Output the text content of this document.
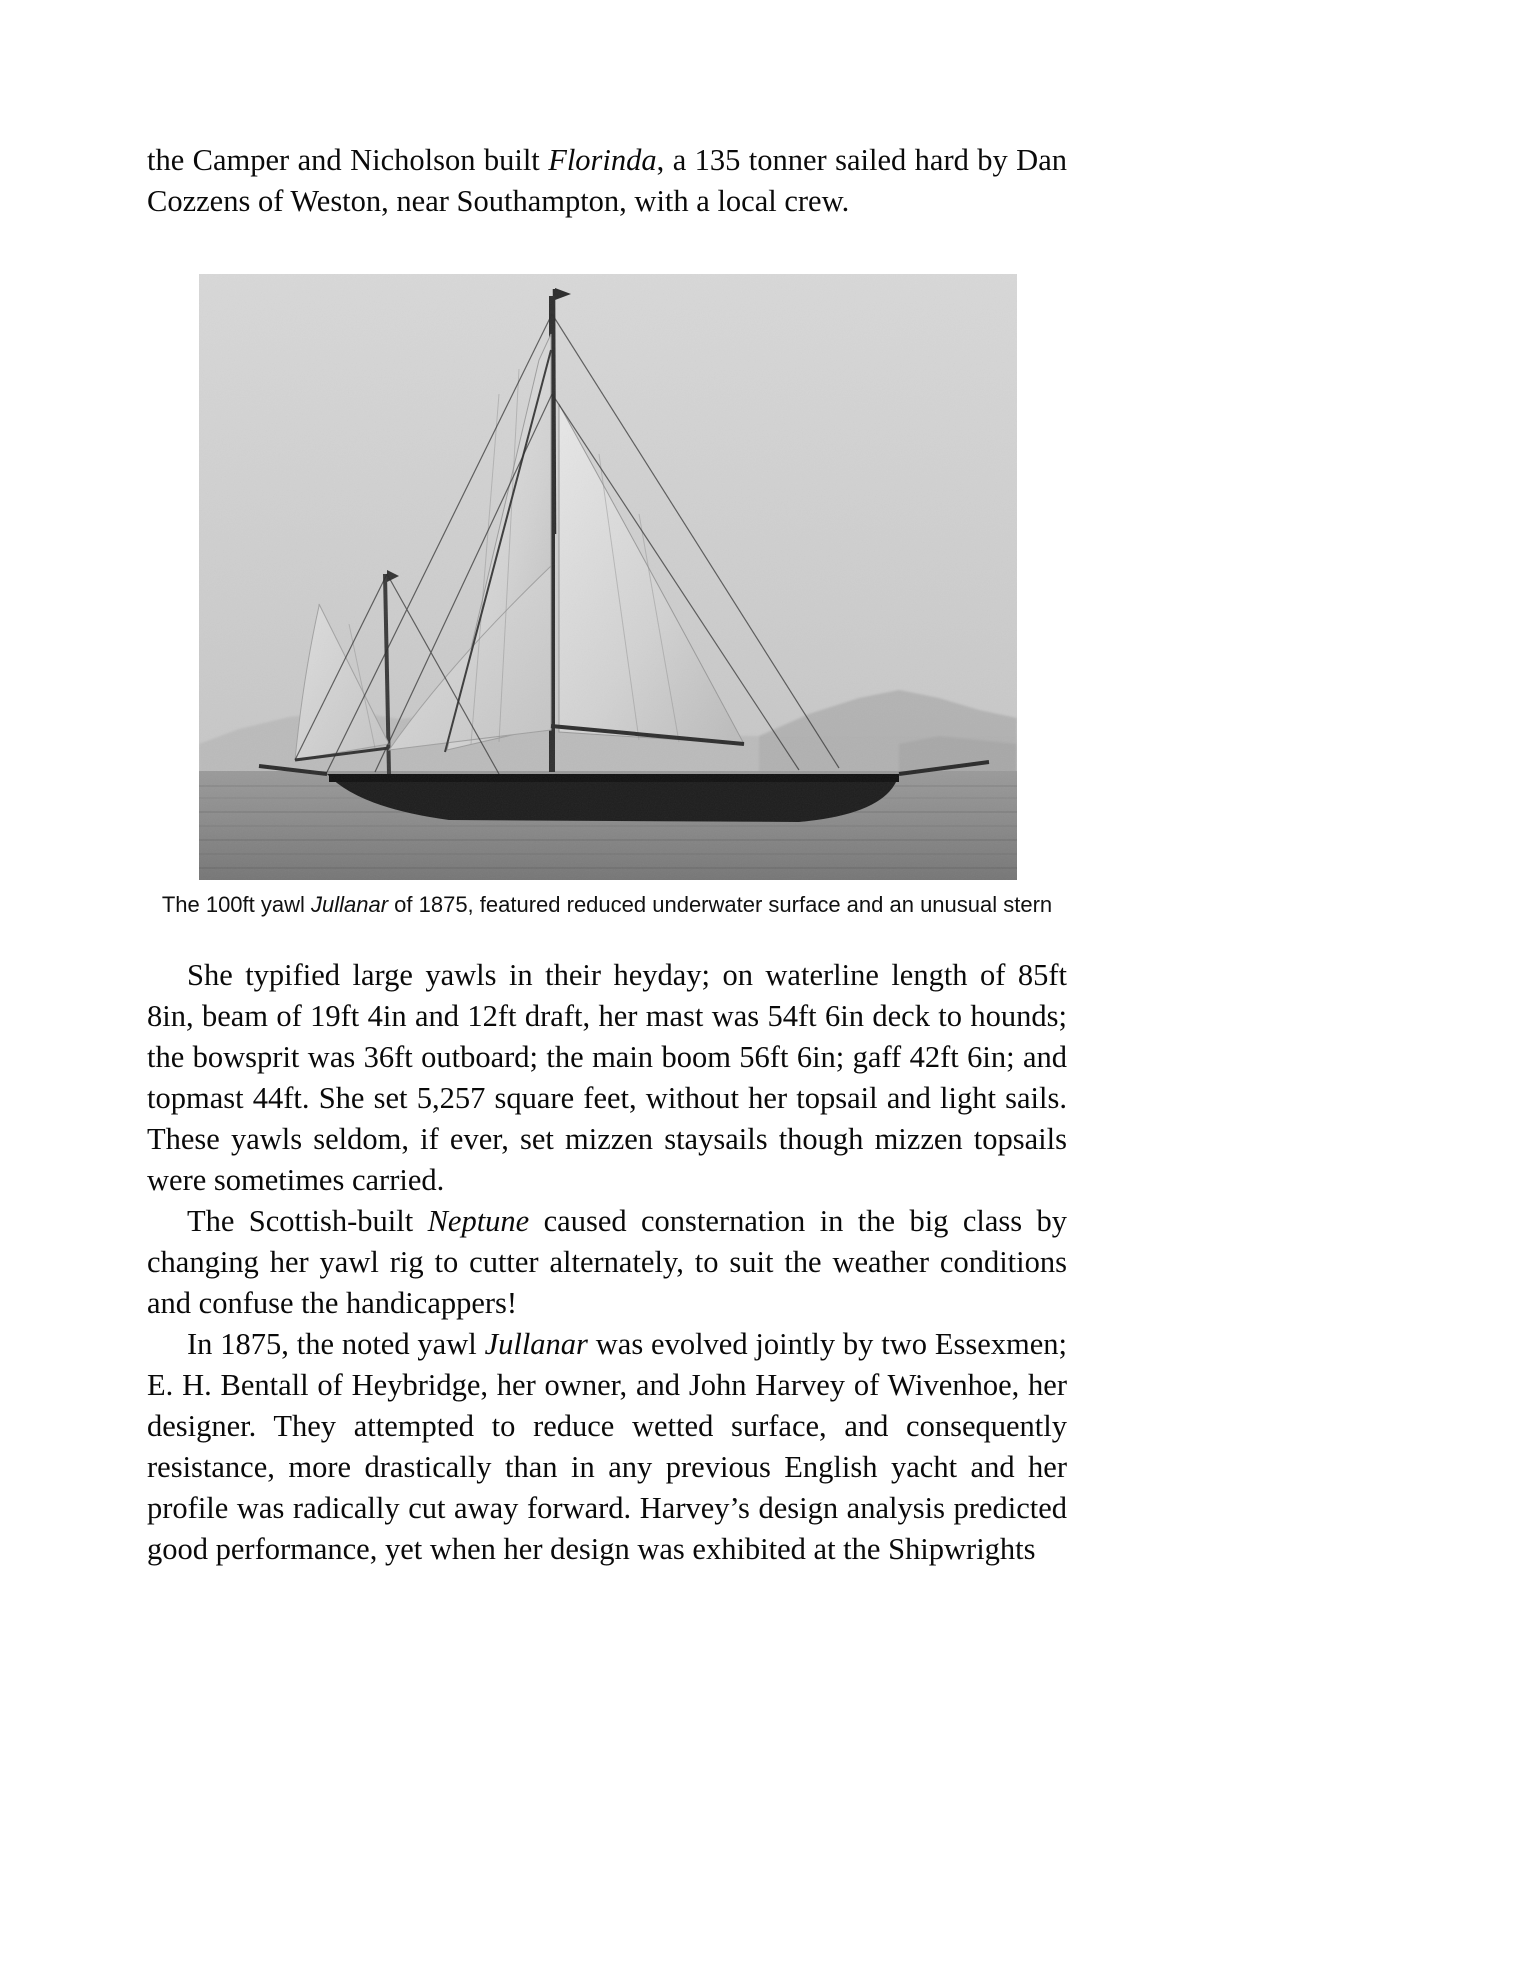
the Camper and Nicholson built Florinda, a 135 tonner sailed hard by Dan Cozzens of Weston, near Southampton, with a local crew.

The 100ft yawl Jullanar of 1875, featured reduced underwater surface and an unusual stern

She typified large yawls in their heyday; on waterline length of 85ft 8in, beam of 19ft 4in and 12ft draft, her mast was 54ft 6in deck to hounds; the bowsprit was 36ft outboard; the main boom 56ft 6in; gaff 42ft 6in; and topmast 44ft. She set 5,257 square feet, without her topsail and light sails. These yawls seldom, if ever, set mizzen staysails though mizzen topsails were sometimes carried.

The Scottish-built Neptune caused consternation in the big class by changing her yawl rig to cutter alternately, to suit the weather conditions and confuse the handicappers!

In 1875, the noted yawl Jullanar was evolved jointly by two Essexmen; E. H. Bentall of Heybridge, her owner, and John Harvey of Wivenhoe, her designer. They attempted to reduce wetted surface, and consequently resistance, more drastically than in any previous English yacht and her profile was radically cut away forward. Harvey’s design analysis predicted good performance, yet when her design was exhibited at the Shipwrights
